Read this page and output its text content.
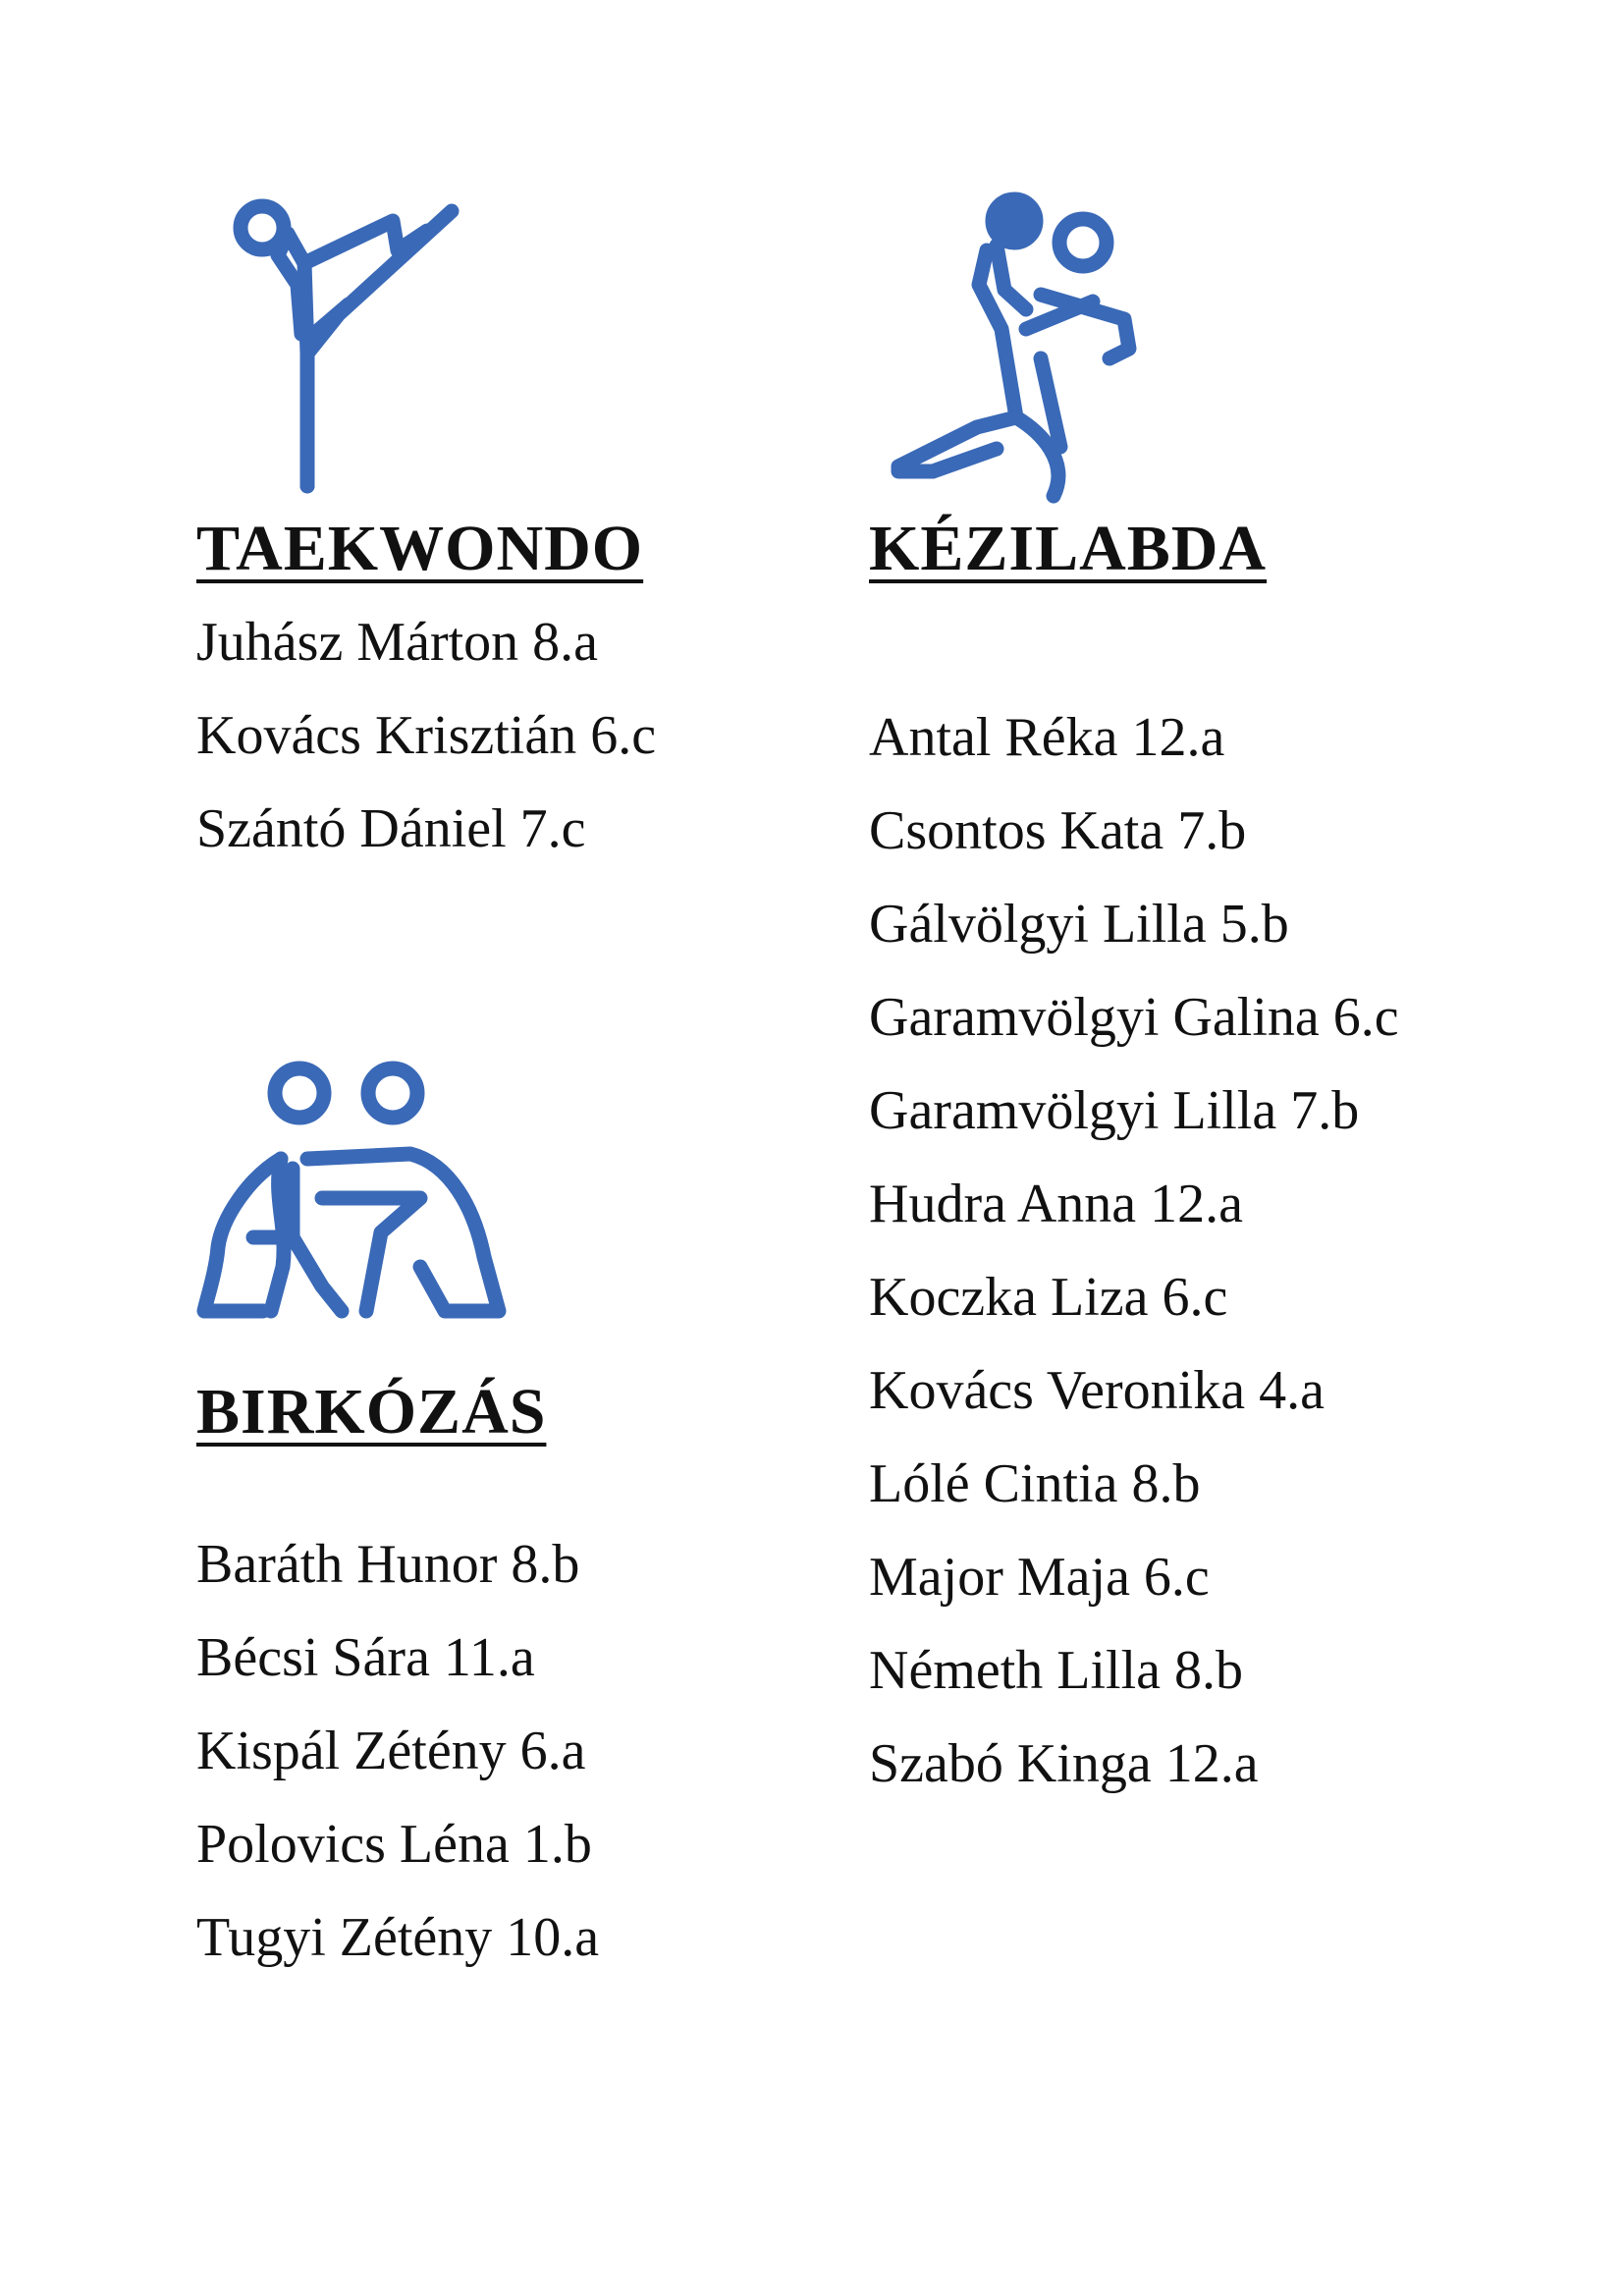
TAEKWONDO
Juhász Márton 8.a
Kovács Krisztián 6.c
Szántó Dániel 7.c
BIRKÓZÁS
Baráth Hunor 8.b
Bécsi Sára 11.a
Kispál Zétény 6.a
Polovics Léna 1.b
Tugyi Zétény 10.a
KÉZILABDA
Antal Réka 12.a
Csontos Kata 7.b
Gálvölgyi Lilla 5.b
Garamvölgyi Galina 6.c
Garamvölgyi Lilla 7.b
Hudra Anna 12.a
Koczka Liza 6.c
Kovács Veronika 4.a
Lólé Cintia 8.b
Major Maja 6.c
Németh Lilla 8.b
Szabó Kinga 12.a
